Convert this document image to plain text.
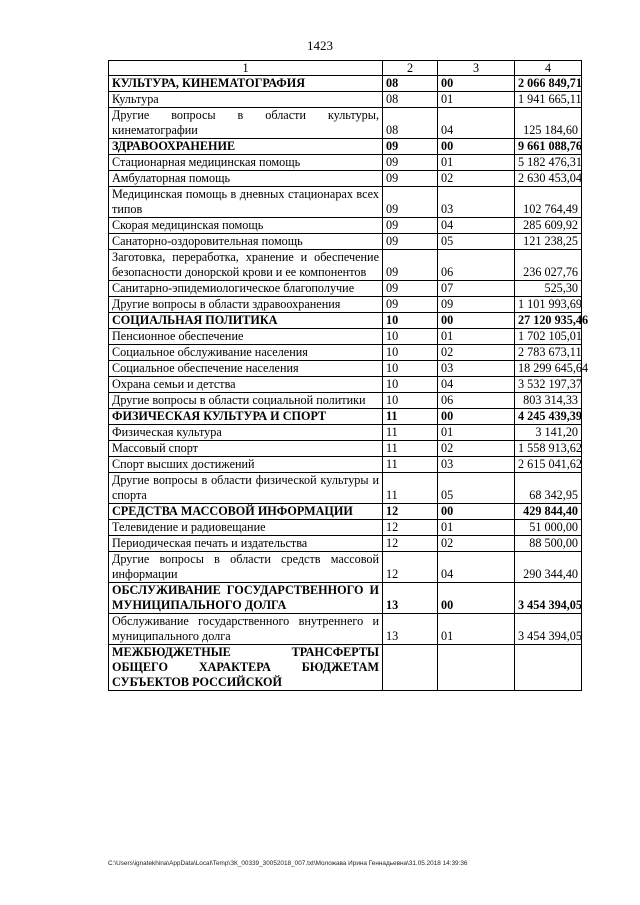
1423
1	2	3	4
КУЛЬТУРА, КИНЕМАТОГРАФИЯ	08	00	2 066 849,71
Культура	08	01	1 941 665,11
Другие вопросы в области культуры, кинематографии	08	04	125 184,60
ЗДРАВООХРАНЕНИЕ	09	00	9 661 088,76
Стационарная медицинская помощь	09	01	5 182 476,31
Амбулаторная помощь	09	02	2 630 453,04
Медицинская помощь в дневных стационарах всех типов	09	03	102 764,49
Скорая медицинская помощь	09	04	285 609,92
Санаторно-оздоровительная помощь	09	05	121 238,25
Заготовка, переработка, хранение и обеспечение безопасности донорской крови и ее компонентов	09	06	236 027,76
Санитарно-эпидемиологическое благополучие	09	07	525,30
Другие вопросы в области здравоохранения	09	09	1 101 993,69
СОЦИАЛЬНАЯ ПОЛИТИКА	10	00	27 120 935,46
Пенсионное обеспечение	10	01	1 702 105,01
Социальное обслуживание населения	10	02	2 783 673,11
Социальное обеспечение населения	10	03	18 299 645,64
Охрана семьи и детства	10	04	3 532 197,37
Другие вопросы в области социальной политики	10	06	803 314,33
ФИЗИЧЕСКАЯ КУЛЬТУРА И СПОРТ	11	00	4 245 439,39
Физическая культура	11	01	3 141,20
Массовый спорт	11	02	1 558 913,62
Спорт высших достижений	11	03	2 615 041,62
Другие вопросы в области физической культуры и спорта	11	05	68 342,95
СРЕДСТВА МАССОВОЙ ИНФОРМАЦИИ	12	00	429 844,40
Телевидение и радиовещание	12	01	51 000,00
Периодическая печать и издательства	12	02	88 500,00
Другие вопросы в области средств массовой информации	12	04	290 344,40
ОБСЛУЖИВАНИЕ ГОСУДАРСТВЕННОГО И МУНИЦИПАЛЬНОГО ДОЛГА	13	00	3 454 394,05
Обслуживание государственного внутреннего и муниципального долга	13	01	3 454 394,05
МЕЖБЮДЖЕТНЫЕ ТРАНСФЕРТЫ ОБЩЕГО ХАРАКТЕРА БЮДЖЕТАМ СУБЪЕКТОВ РОССИЙСКОЙ			
C:\Users\ignatekhina\AppData\Local\Temp\ЗК_00339_30052018_007.txt\Моложава Ирина Геннадьевна\31.05.2018 14:39:36
